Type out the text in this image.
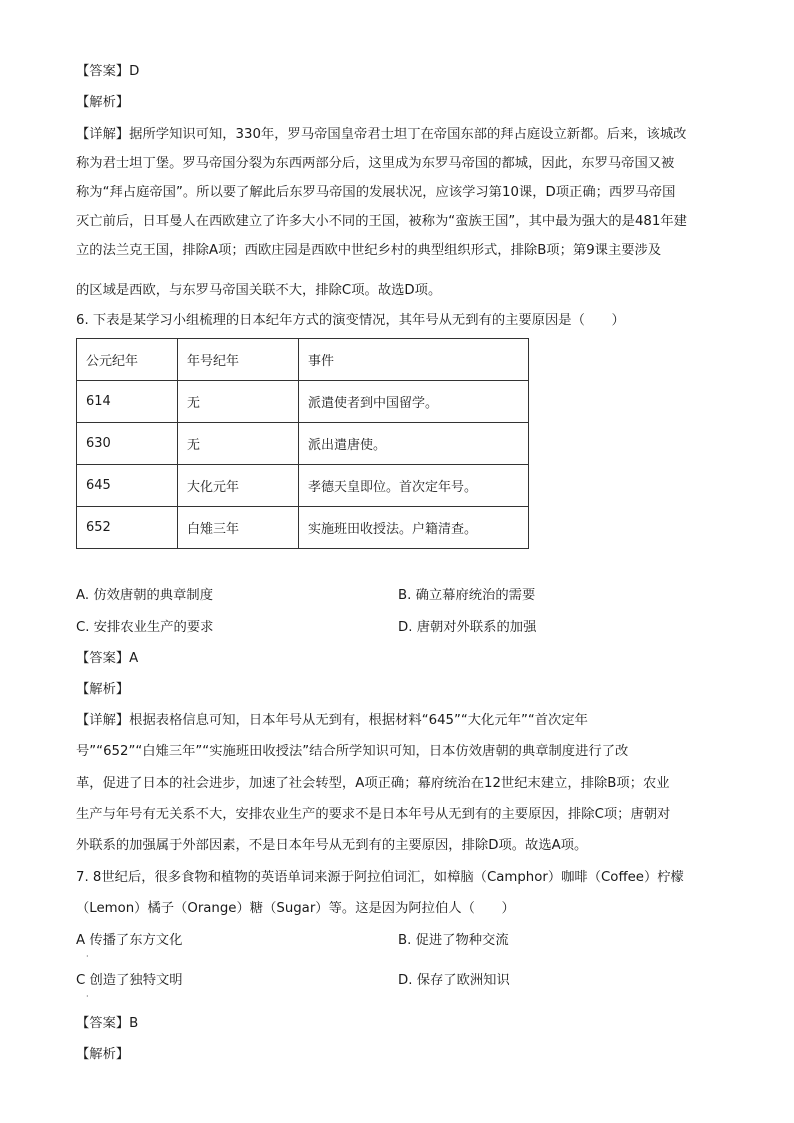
【答案】D
【解析】
【详解】据所学知识可知，330年，罗马帝国皇帝君士坦丁在帝国东部的拜占庭设立新都。后来，该城改
称为君士坦丁堡。罗马帝国分裂为东西两部分后，这里成为东罗马帝国的都城，因此，东罗马帝国又被
称为“拜占庭帝国”。所以要了解此后东罗马帝国的发展状况，应该学习第10课，D项正确；西罗马帝国
灭亡前后，日耳曼人在西欧建立了许多大小不同的王国，被称为“蛮族王国”，其中最为强大的是481年建
立的法兰克王国，排除A项；西欧庄园是西欧中世纪乡村的典型组织形式，排除B项；第9课主要涉及
的区域是西欧，与东罗马帝国关联不大，排除C项。故选D项。
6. 下表是某学习小组梳理的日本纪年方式的演变情况，其年号从无到有的主要原因是（　　）
公元纪年	年号纪年	事件
614	无	派遣使者到中国留学。
630	无	派出遣唐使。
645	大化元年	孝德天皇即位。首次定年号。
652	白雉三年	实施班田收授法。户籍清查。
A. 仿效唐朝的典章制度	B. 确立幕府统治的需要
C. 安排农业生产的要求	D. 唐朝对外联系的加强
【答案】A
【解析】
【详解】根据表格信息可知，日本年号从无到有，根据材料“645”“大化元年”“首次定年
号”“652”“白雉三年”“实施班田收授法”结合所学知识可知，日本仿效唐朝的典章制度进行了改
革，促进了日本的社会进步，加速了社会转型，A项正确；幕府统治在12世纪末建立，排除B项；农业
生产与年号有无关系不大，安排农业生产的要求不是日本年号从无到有的主要原因，排除C项；唐朝对
外联系的加强属于外部因素，不是日本年号从无到有的主要原因，排除D项。故选A项。
7. 8世纪后，很多食物和植物的英语单词来源于阿拉伯词汇，如樟脑（Camphor）咖啡（Coffee）柠檬
（Lemon）橘子（Orange）糖（Sugar）等。这是因为阿拉伯人（　　）
A 传播了东方文化
·
B. 促进了物种交流
C 创造了独特文明
·
D. 保存了欧洲知识
【答案】B
【解析】
